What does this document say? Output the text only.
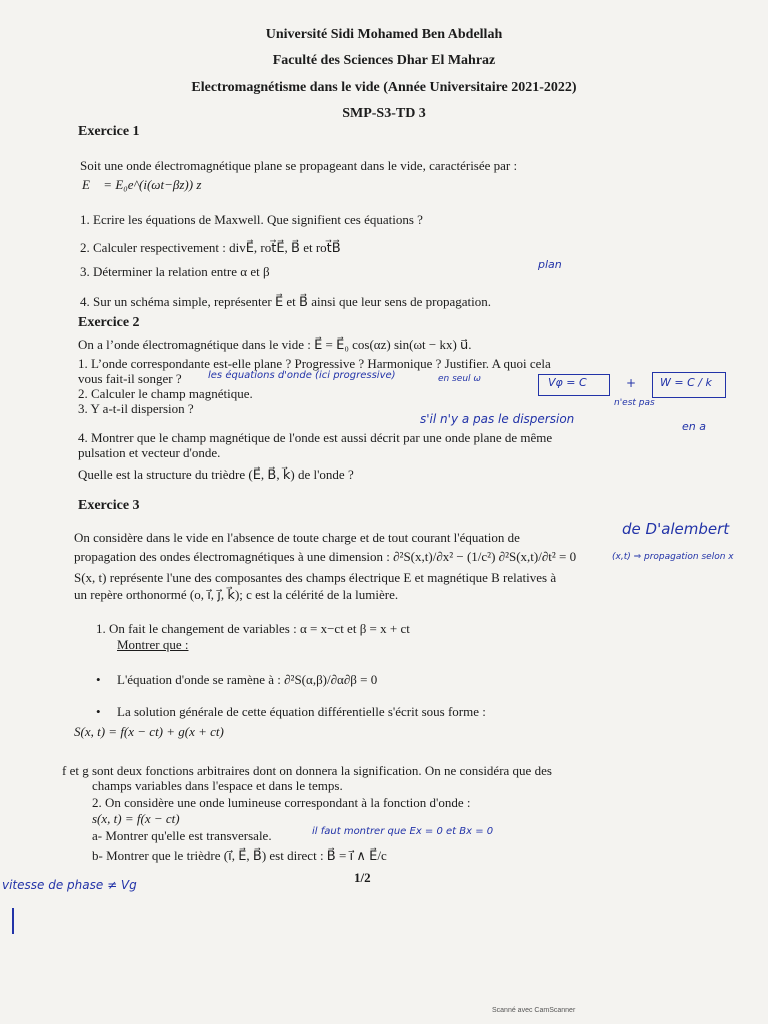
Université Sidi Mohamed Ben Abdellah
Faculté des Sciences Dhar El Mahraz
Electromagnétisme dans le vide (Année Universitaire 2021-2022)
SMP-S3-TD 3
Exercice 1
Soit une onde électromagnétique plane se propageant dans le vide, caractérisée par :
E⃗ = E₀e^(i(ωt−βz)) z⃗
1. Ecrire les équations de Maxwell. Que signifient ces équations ?
2. Calculer respectivement : divE⃗, rot⃗E⃗, B⃗ et rot⃗B⃗
3. Déterminer la relation entre α et β
4. Sur un schéma simple, représenter E⃗ et B⃗ ainsi que leur sens de propagation.
Exercice 2
On a l’onde électromagnétique dans le vide : E⃗ = E⃗₀ cos(αz) sin(ωt − kx) u⃗.
1. L’onde correspondante est-elle plane ? Progressive ? Harmonique ? Justifier. A quoi cela
vous fait-il songer ?
2. Calculer le champ magnétique.
3. Y a-t-il dispersion ?
4. Montrer que le champ magnétique de l'onde est aussi décrit par une onde plane de même
pulsation et vecteur d'onde.
Quelle est la structure du trièdre (E⃗, B⃗, k⃗) de l'onde ?
Exercice 3
On considère dans le vide en l'absence de toute charge et de tout courant l'équation de
propagation des ondes électromagnétiques à une dimension : ∂²S(x,t)/∂x² − (1/c²) ∂²S(x,t)/∂t² = 0
S(x, t) représente l'une des composantes des champs électrique E et magnétique B relatives à
un repère orthonormé (o, i⃗, j⃗, k⃗); c est la célérité de la lumière.
1. On fait le changement de variables : α = x−ct et β = x + ct
Montrer que :
• L'équation d'onde se ramène à : ∂²S(α,β)/∂α∂β = 0
• La solution générale de cette équation différentielle s'écrit sous forme :
S(x, t) = f(x − ct) + g(x + ct)
f et g sont deux fonctions arbitraires dont on donnera la signification. On ne considéra que des
champs variables dans l'espace et dans le temps.
2. On considère une onde lumineuse correspondant à la fonction d'onde :
s(x, t) = f(x − ct)
a- Montrer qu'elle est transversale.
b- Montrer que le trièdre (i⃗, E⃗, B⃗) est direct : B⃗ = i⃗ ∧ E⃗/c
1/2
plan
les équations d'onde (ici progressive)	en seul ω	Vφ = C	+ W = C / k
n'est pas
s'il n'y a pas le dispersion
en a
de D'alembert
(x,t) ⇒ propagation selon x
il faut montrer que Ex = 0 et Bx = 0
vitesse de phase ≠ Vg
Scanné avec CamScanner
